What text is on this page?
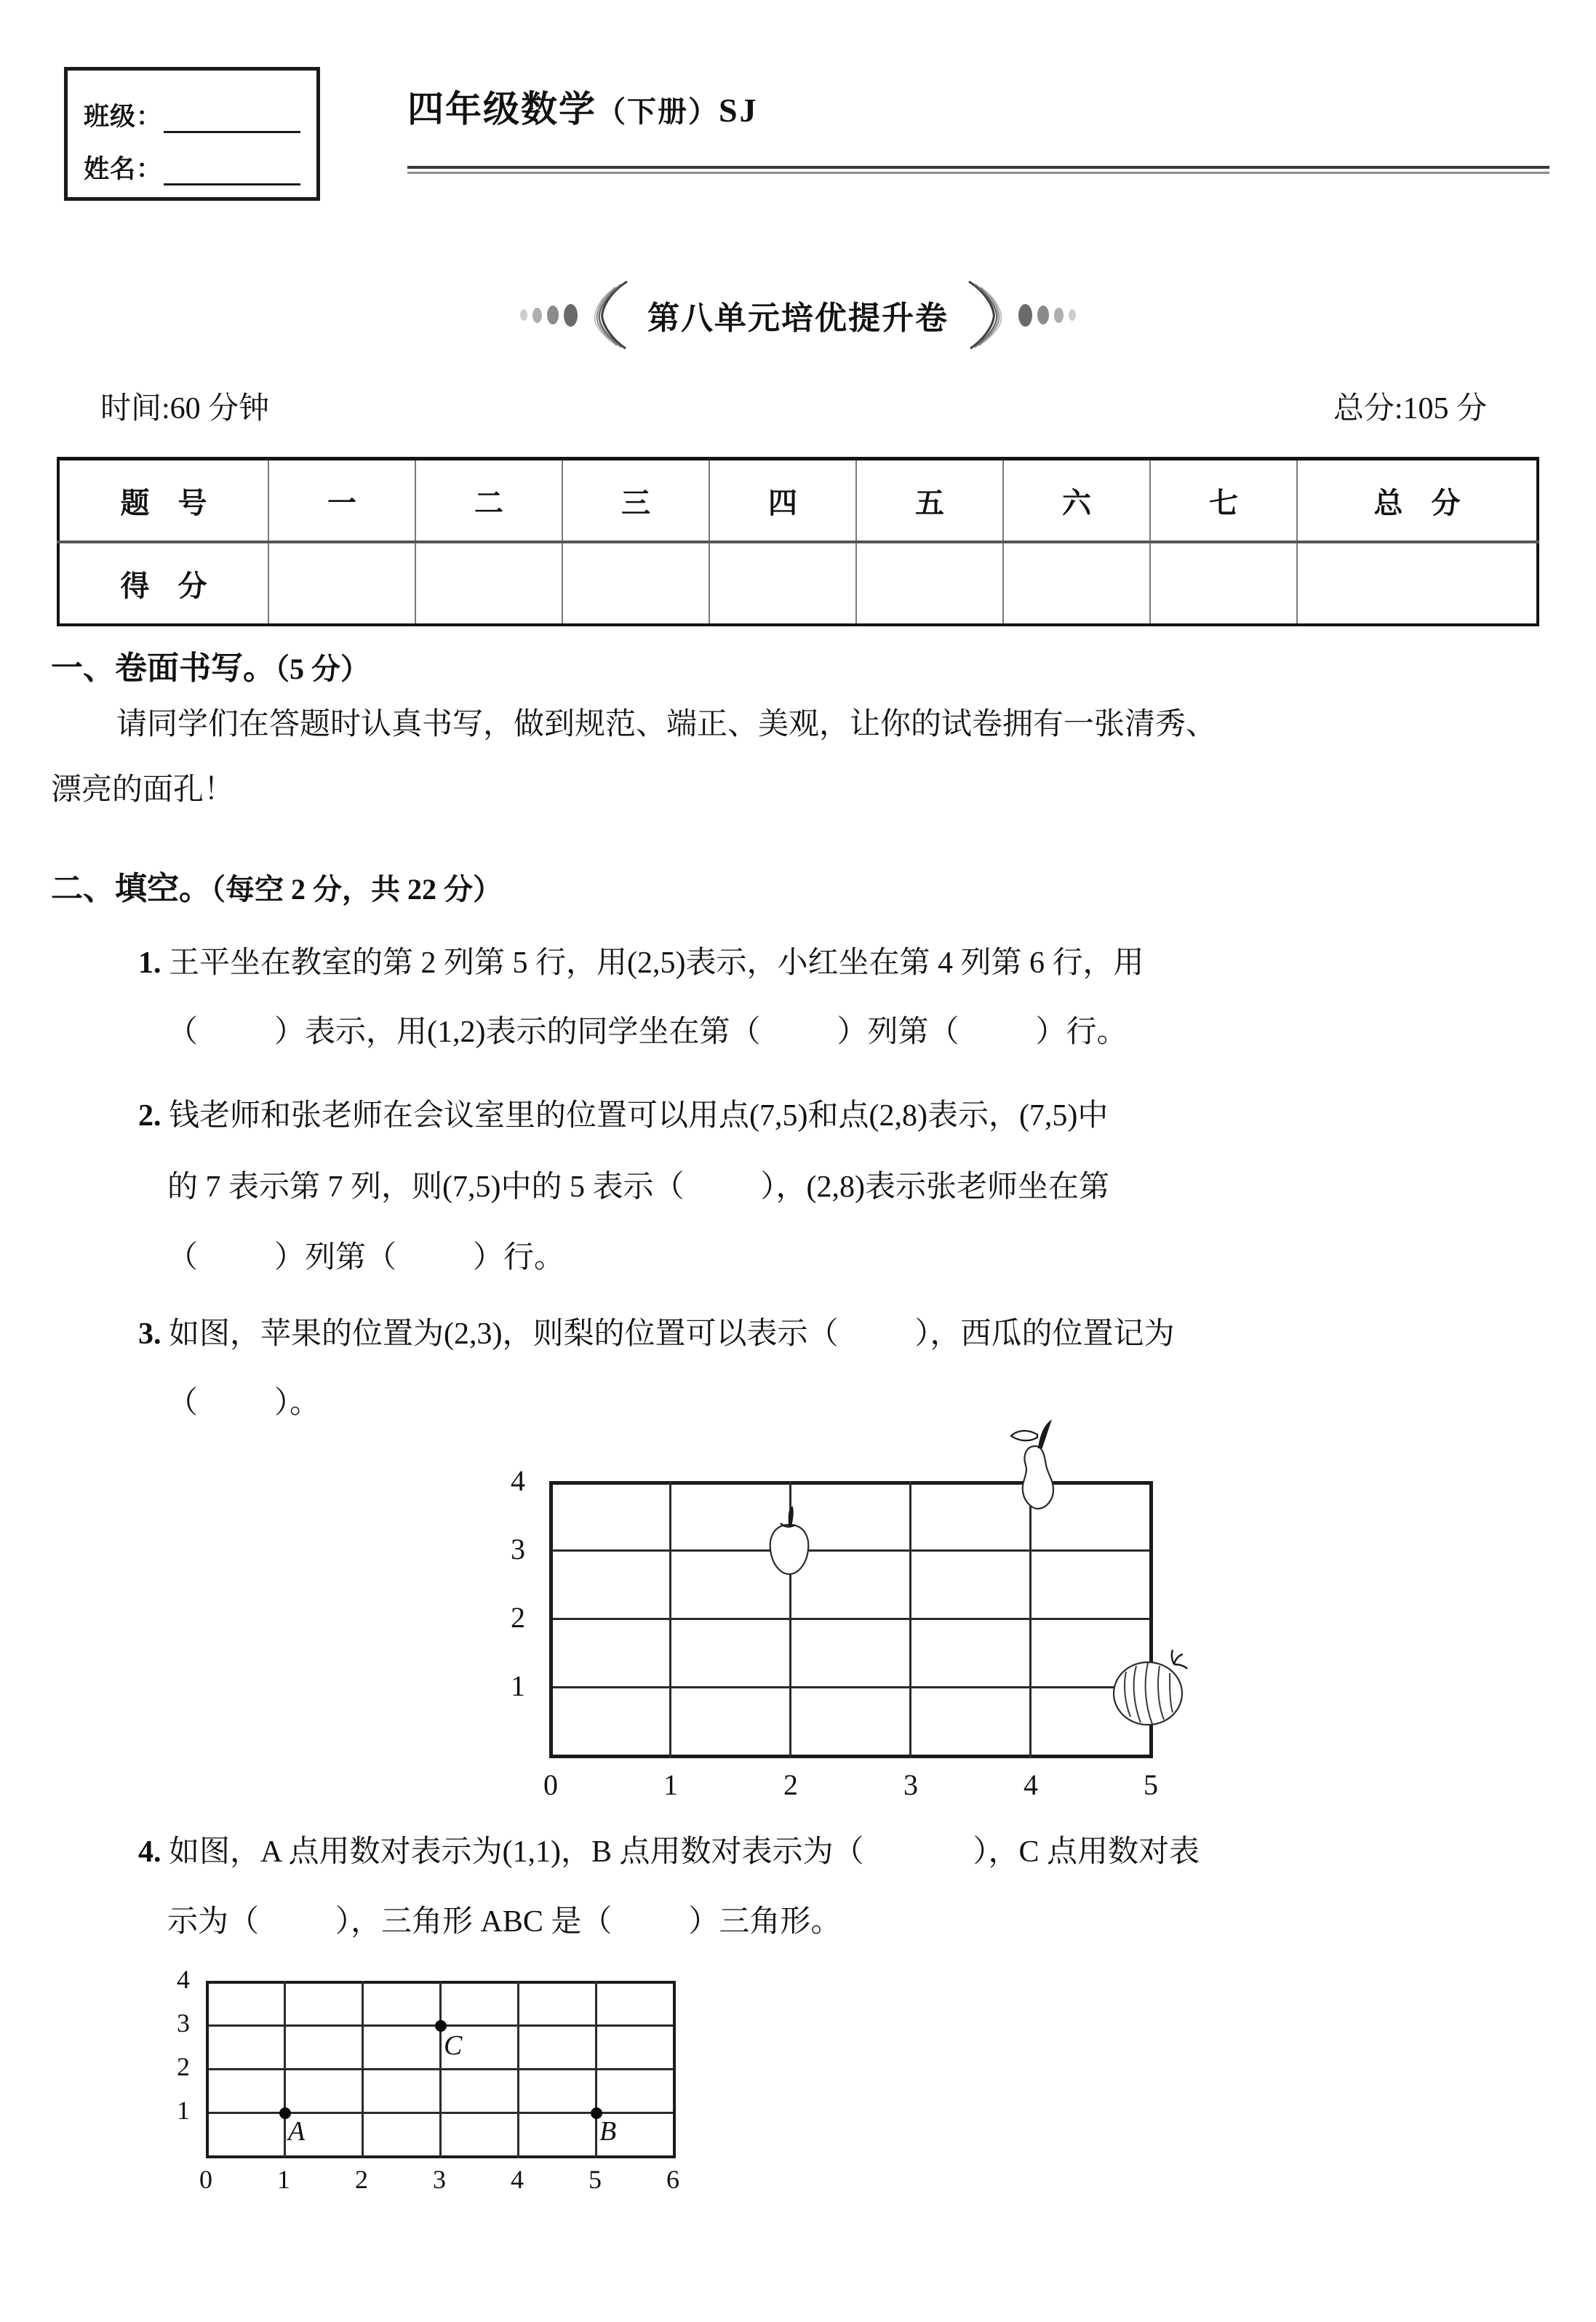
班级：
姓名：
四年级数学（下册）SJ
第八单元培优提升卷
时间:60 分钟	总分:105 分
题 号	一	二	三	四	五	六	七	总 分
得 分								
一、卷面书写。（5 分）
请同学们在答题时认真书写，做到规范、端正、美观，让你的试卷拥有一张清秀、
漂亮的面孔！
二、填空。（每空 2 分，共 22 分）
1. 王平坐在教室的第 2 列第 5 行，用(2,5)表示，小红坐在第 4 列第 6 行，用
（	）表示，用(1,2)表示的同学坐在第（	）列第（	）行。
2. 钱老师和张老师在会议室里的位置可以用点(7,5)和点(2,8)表示，(7,5)中
的 7 表示第 7 列，则(7,5)中的 5 表示（	），(2,8)表示张老师坐在第
（	）列第（	）行。
3. 如图，苹果的位置为(2,3)，则梨的位置可以表示（	），西瓜的位置记为
（	）。
4
3
2
1
0	1	2	3	4	5
4. 如图，A 点用数对表示为(1,1)，B 点用数对表示为（	），C 点用数对表
示为（	），三角形 ABC 是（	）三角形。
4
3
2
1
0	1	2	3	4	5	6
A	B
C
